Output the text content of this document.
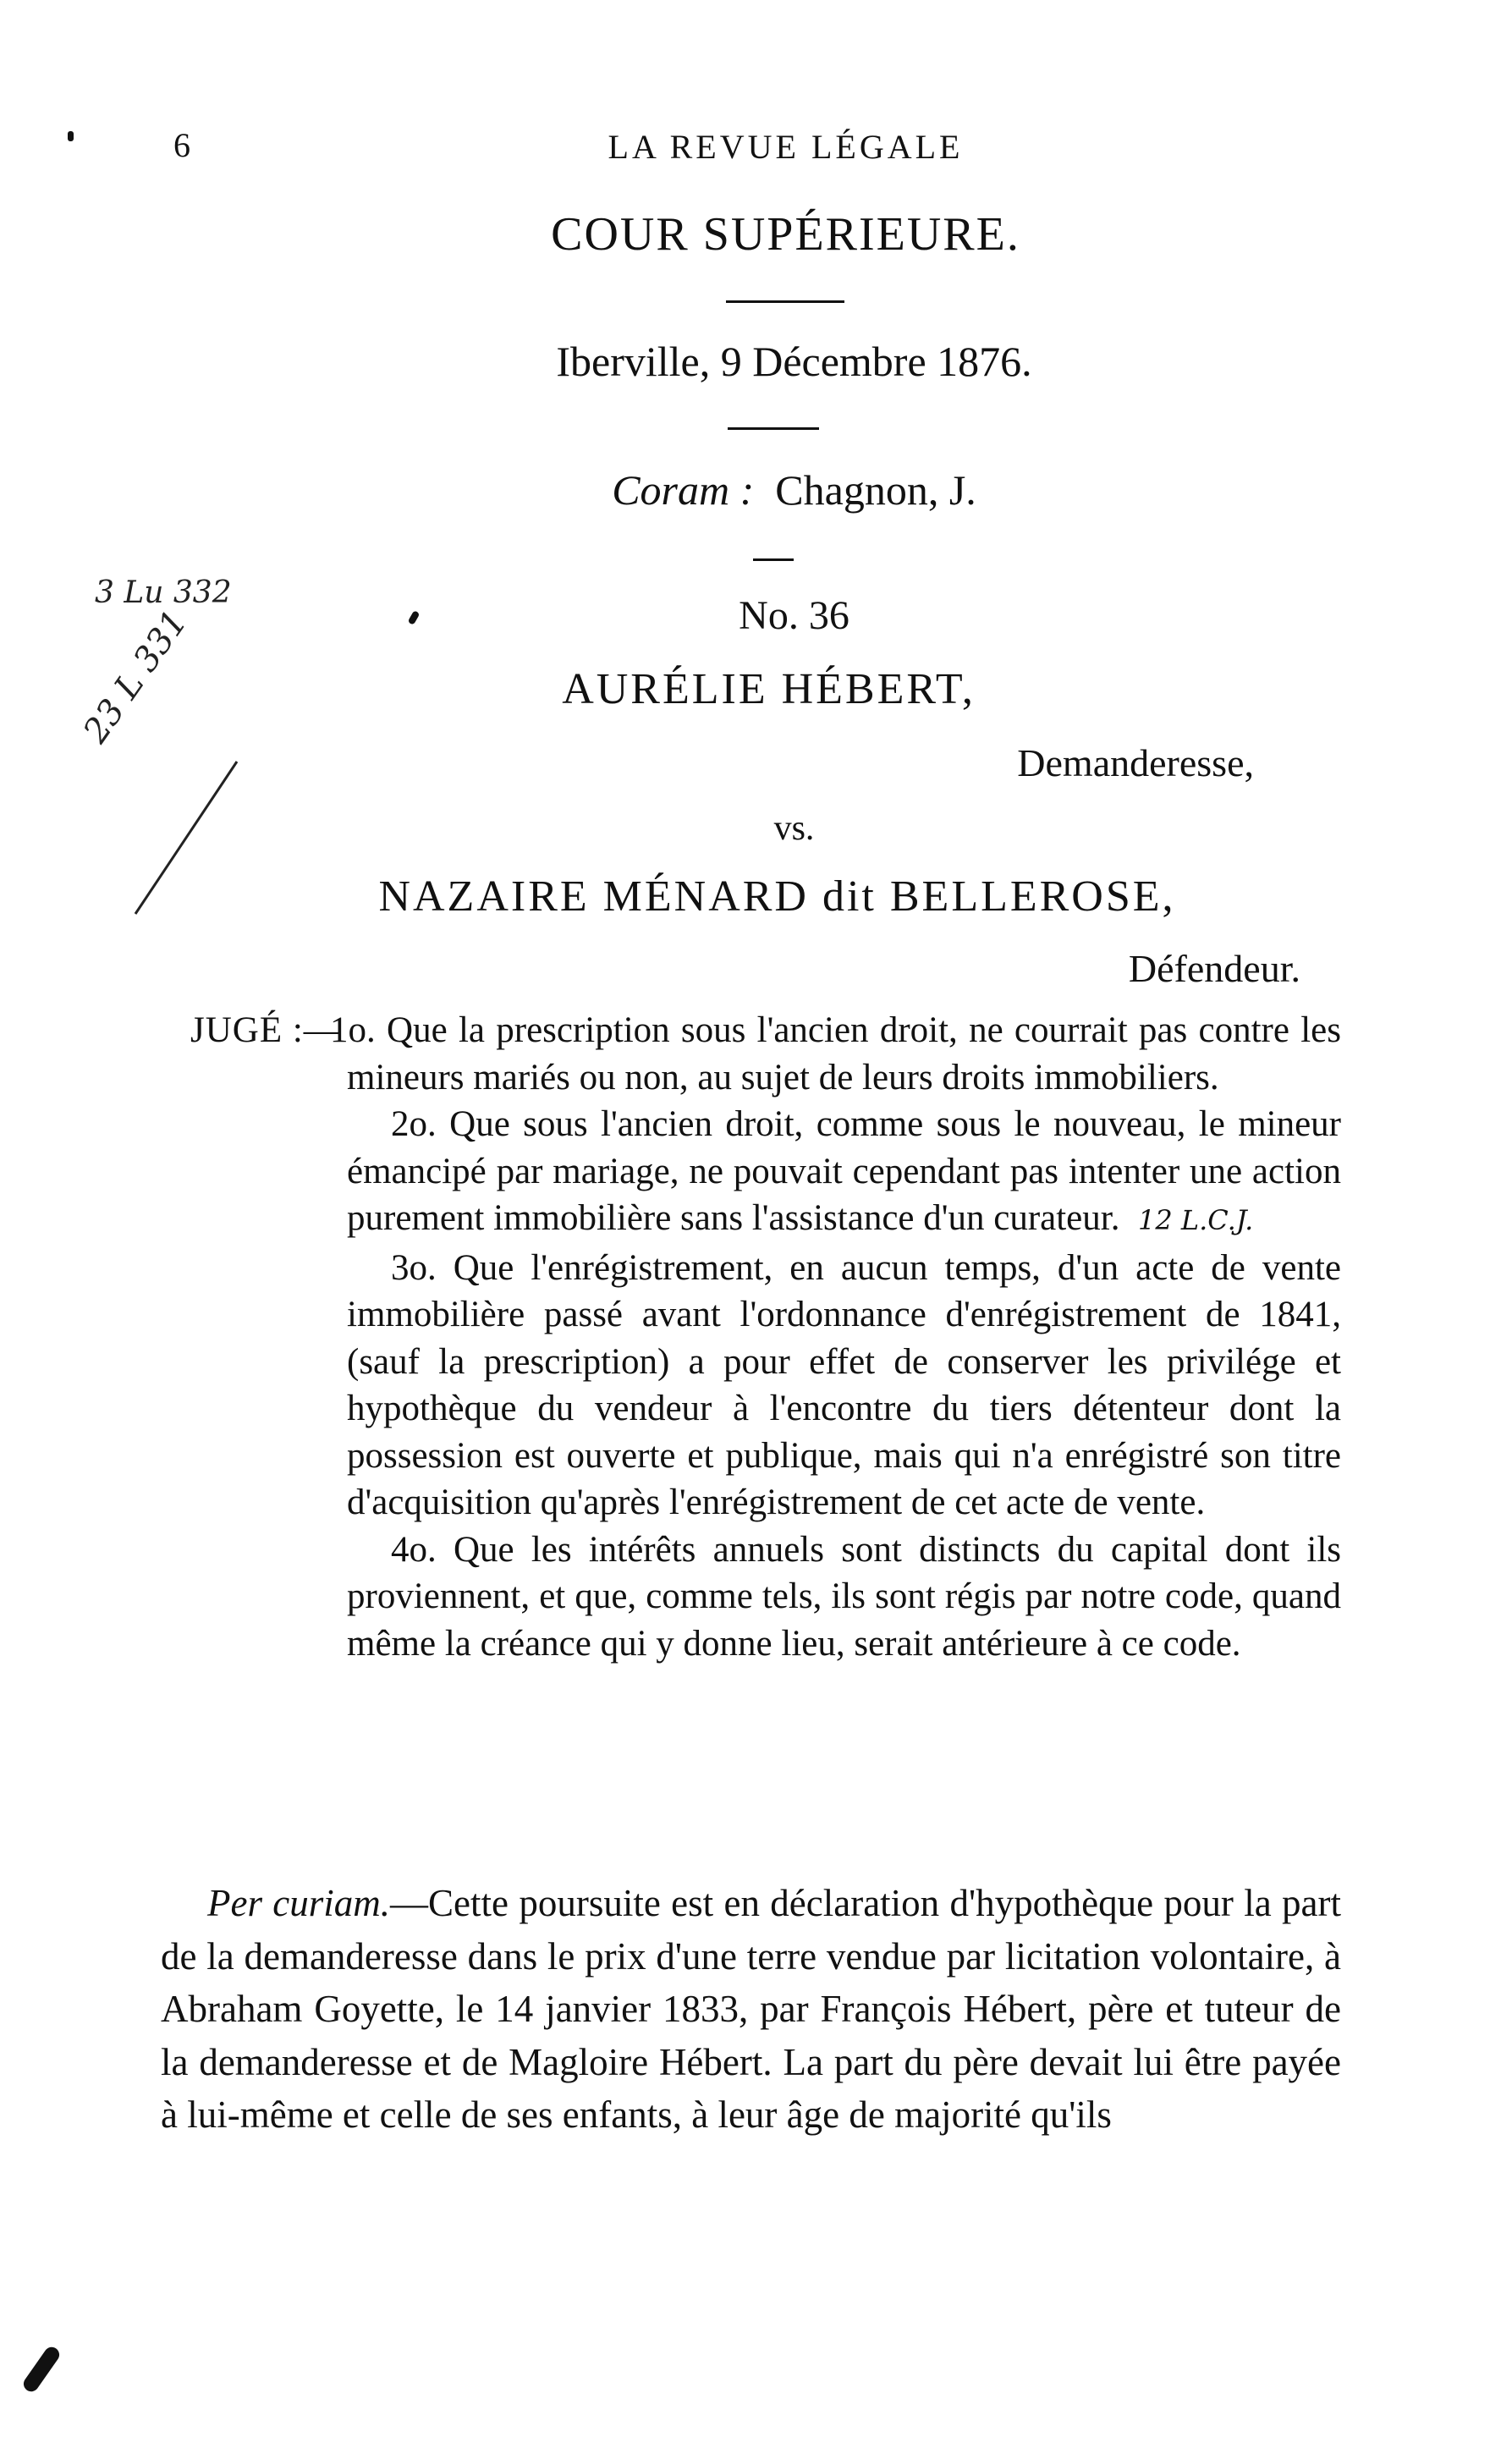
6	LA REVUE LÉGALE
COUR SUPÉRIEURE.
Iberville, 9 Décembre 1876.
Coram : Chagnon, J.
No. 36
AURÉLIE HÉBERT,
Demanderesse,
vs.
NAZAIRE MÉNARD dit BELLEROSE,
Défendeur.
JUGÉ :—

1o. Que la prescription sous l'ancien droit, ne courrait pas contre les mineurs mariés ou non, au sujet de leurs droits immobiliers.

2o. Que sous l'ancien droit, comme sous le nouveau, le mineur émancipé par mariage, ne pouvait cependant pas intenter une action purement immobilière sans l'assistance d'un curateur. 12 L.C.J.

3o. Que l'enrégistrement, en aucun temps, d'un acte de vente immobilière passé avant l'ordonnance d'enrégistrement de 1841, (sauf la prescription) a pour effet de conserver les privilége et hypothèque du vendeur à l'encontre du tiers détenteur dont la possession est ouverte et publique, mais qui n'a enrégistré son titre d'acquisition qu'après l'enrégistrement de cet acte de vente.

4o. Que les intérêts annuels sont distincts du capital dont ils proviennent, et que, comme tels, ils sont régis par notre code, quand même la créance qui y donne lieu, serait antérieure à ce code.

Per curiam.—Cette poursuite est en déclaration d'hypothèque pour la part de la demanderesse dans le prix d'une terre vendue par licitation volontaire, à Abraham Goyette, le 14 janvier 1833, par François Hébert, père et tuteur de la demanderesse et de Magloire Hébert. La part du père devait lui être payée à lui-même et celle de ses enfants, à leur âge de majorité qu'ils

3 Lu 332
23 L 331
